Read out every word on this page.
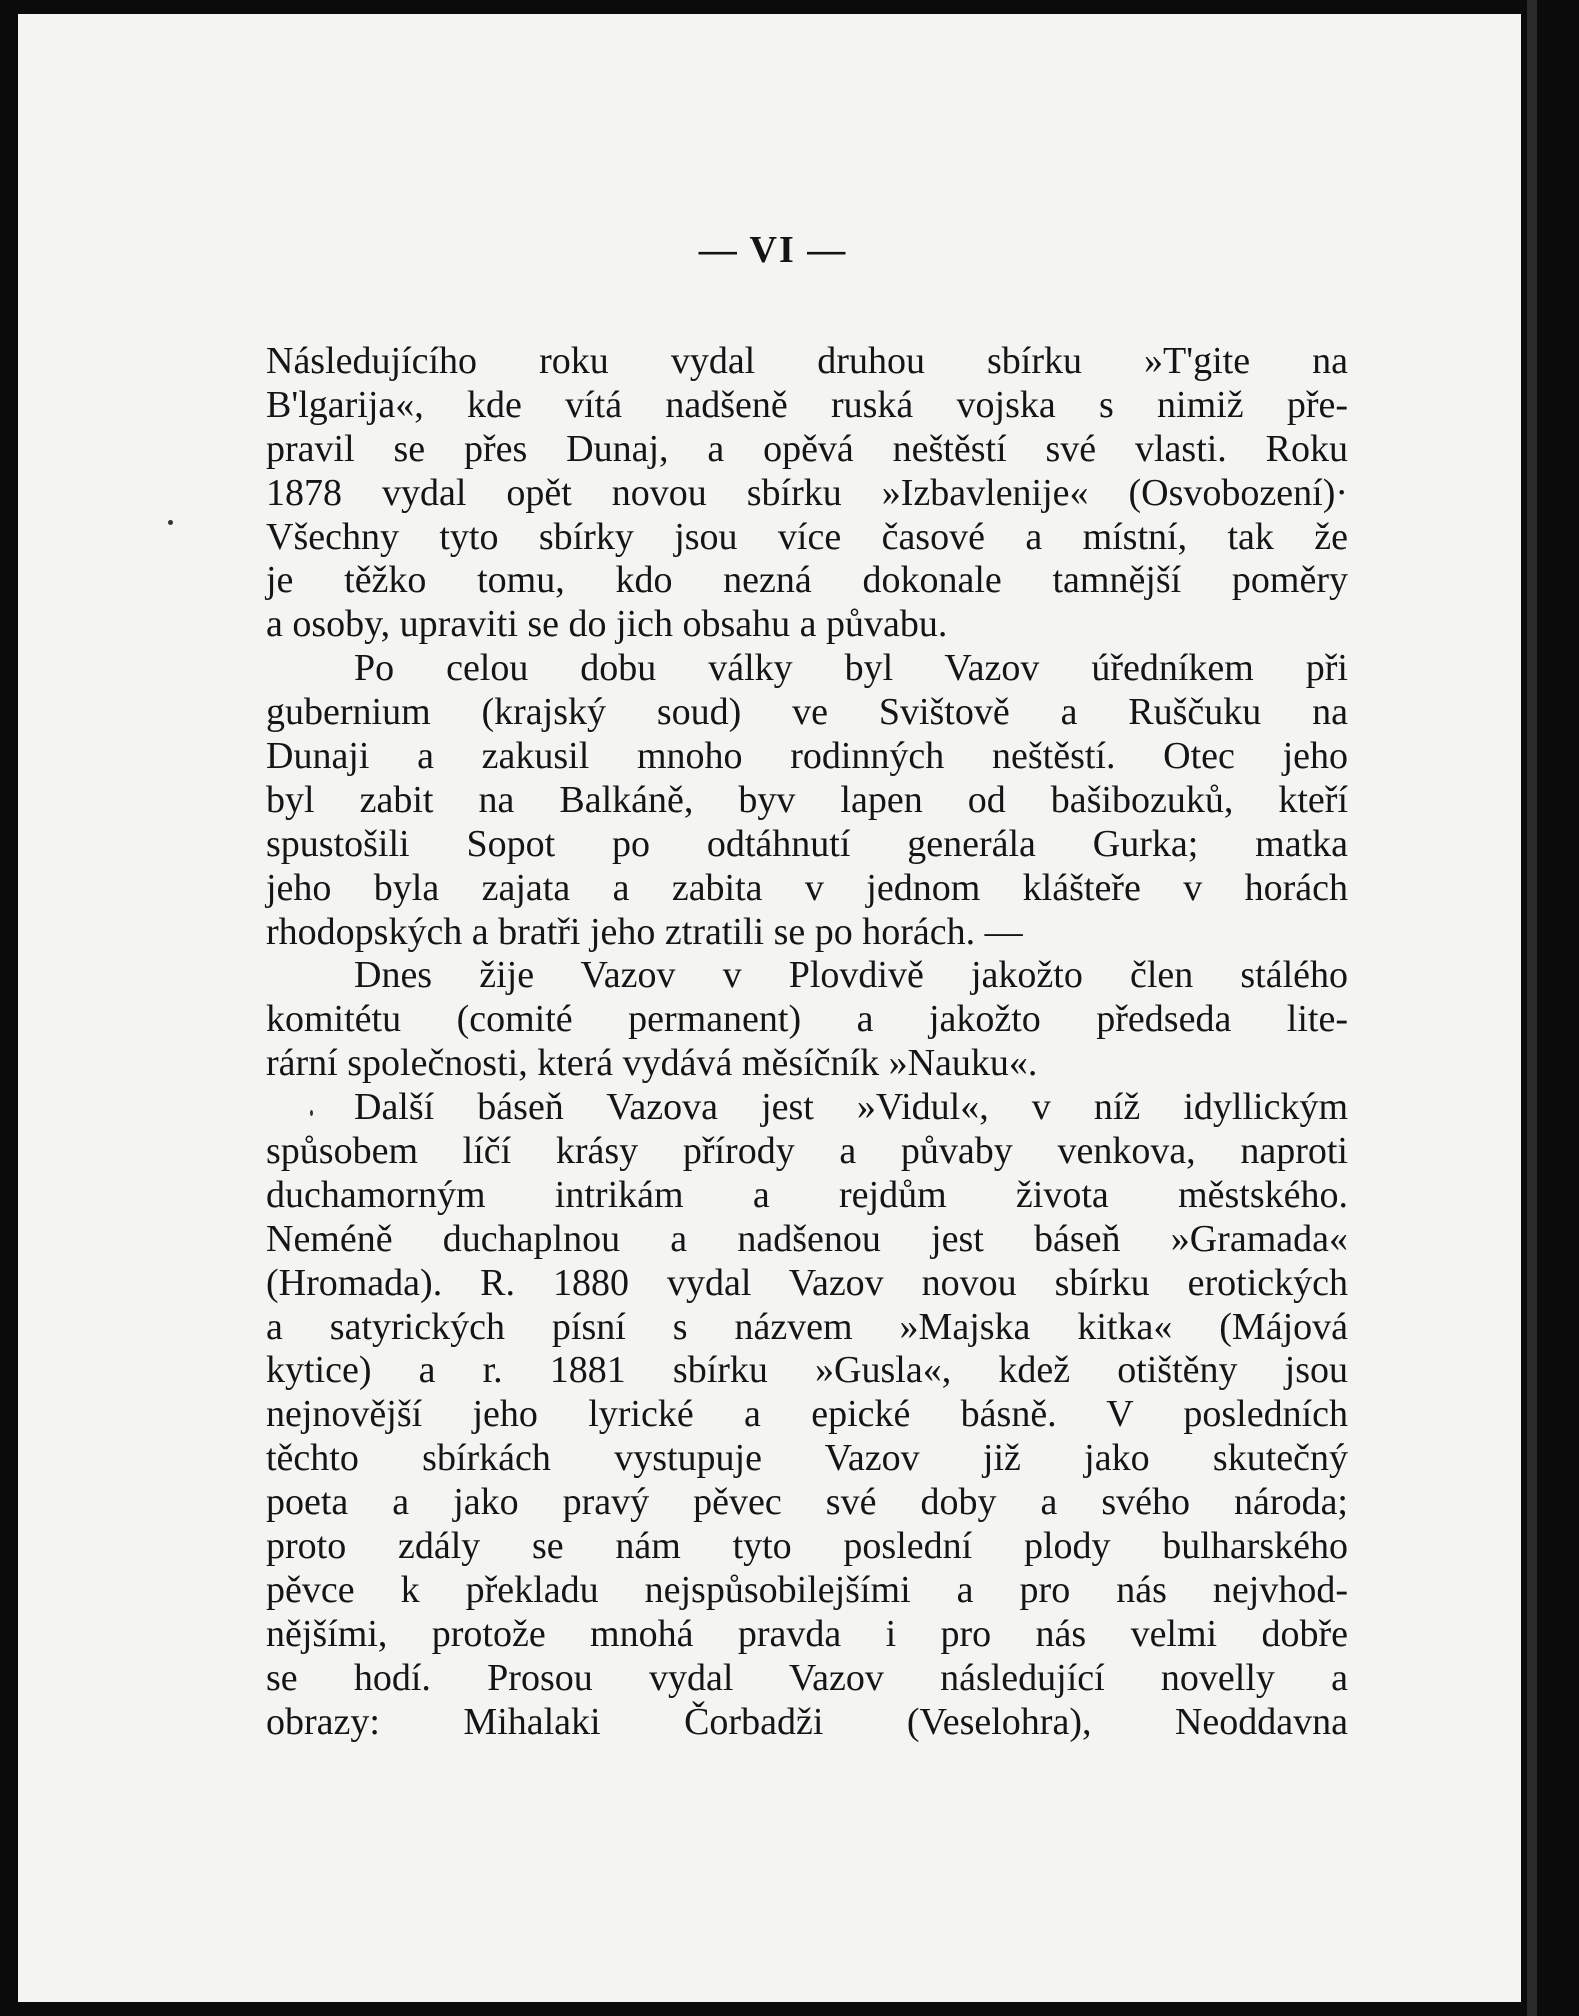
— VI —
Následujícího roku vydal druhou sbírku »T'gite na
B'lgarija«, kde vítá nadšeně ruská vojska s nimiž pře-
pravil se přes Dunaj, a opěvá neštěstí své vlasti. Roku
1878 vydal opět novou sbírku »Izbavlenije« (Osvobození)·
Všechny tyto sbírky jsou více časové a místní, tak že
je těžko tomu, kdo nezná dokonale tamnější poměry
a osoby, upraviti se do jich obsahu a půvabu.
Po celou dobu války byl Vazov úředníkem při
gubernium (krajský soud) ve Svištově a Ruščuku na
Dunaji a zakusil mnoho rodinných neštěstí. Otec jeho
byl zabit na Balkáně, byv lapen od bašibozuků, kteří
spustošili Sopot po odtáhnutí generála Gurka; matka
jeho byla zajata a zabita v jednom klášteře v horách
rhodopských a bratři jeho ztratili se po horách. —
Dnes žije Vazov v Plovdivě jakožto člen stálého
komitétu (comité permanent) a jakožto předseda lite-
rární společnosti, která vydává měsíčník »Nauku«.
Další báseň Vazova jest »Vidul«, v níž idyllickým
spůsobem líčí krásy přírody a půvaby venkova, naproti
duchamorným intrikám a rejdům života městského.
Neméně duchaplnou a nadšenou jest báseň »Gramada«
(Hromada). R. 1880 vydal Vazov novou sbírku erotických
a satyrických písní s názvem »Majska kitka« (Májová
kytice) a r. 1881 sbírku »Gusla«, kdež otištěny jsou
nejnovější jeho lyrické a epické básně. V posledních
těchto sbírkách vystupuje Vazov již jako skutečný
poeta a jako pravý pěvec své doby a svého národa;
proto zdály se nám tyto poslední plody bulharského
pěvce k překladu nejspůsobilejšími a pro nás nejvhod-
nějšími, protože mnohá pravda i pro nás velmi dobře
se hodí. Prosou vydal Vazov následující novelly a
obrazy: Mihalaki Čorbadži (Veselohra), Neoddavna
